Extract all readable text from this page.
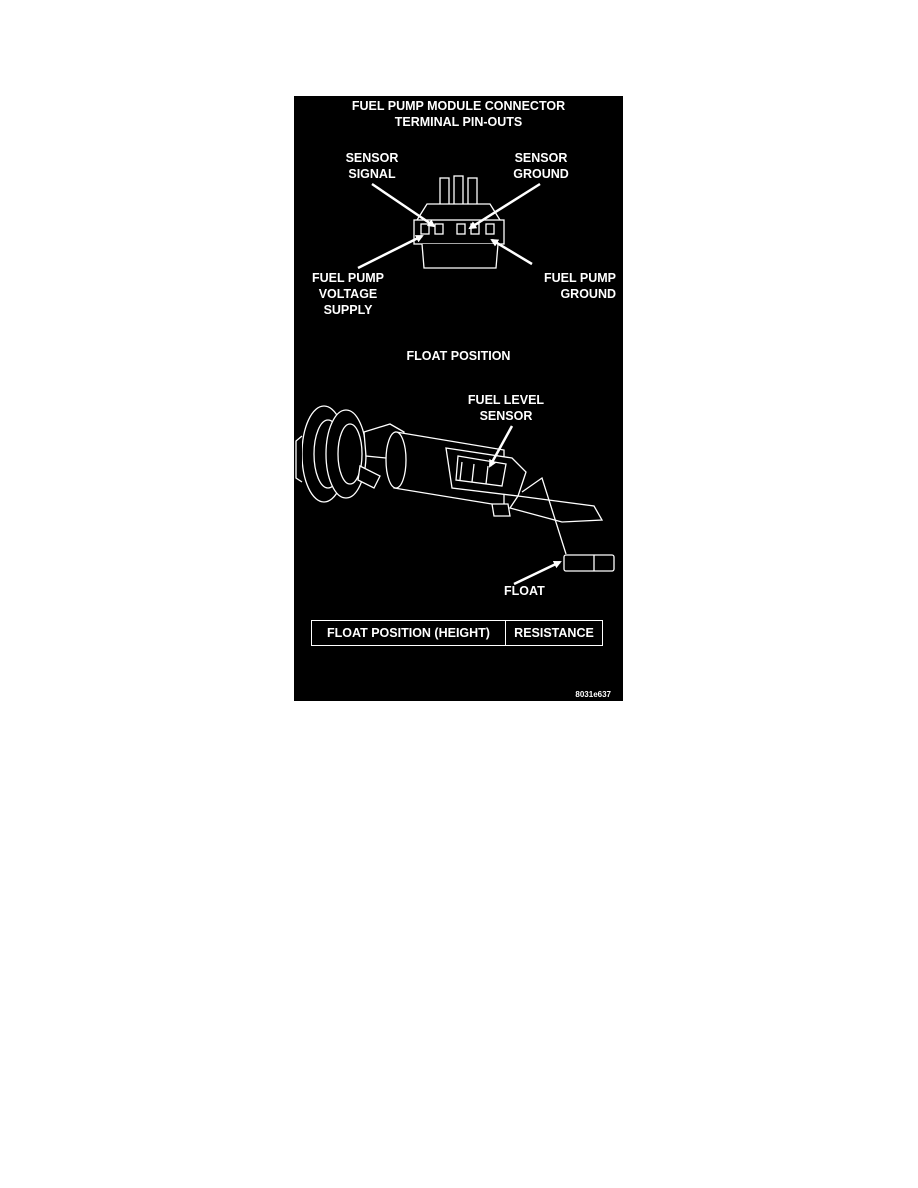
FUEL PUMP MODULE CONNECTOR
TERMINAL PIN-OUTS
SENSOR
SIGNAL
SENSOR
GROUND
FUEL PUMP
VOLTAGE
SUPPLY
FUEL PUMP
GROUND
FLOAT POSITION
FUEL LEVEL
SENSOR
FLOAT
FLOAT POSITION (HEIGHT)	RESISTANCE
8031e637
